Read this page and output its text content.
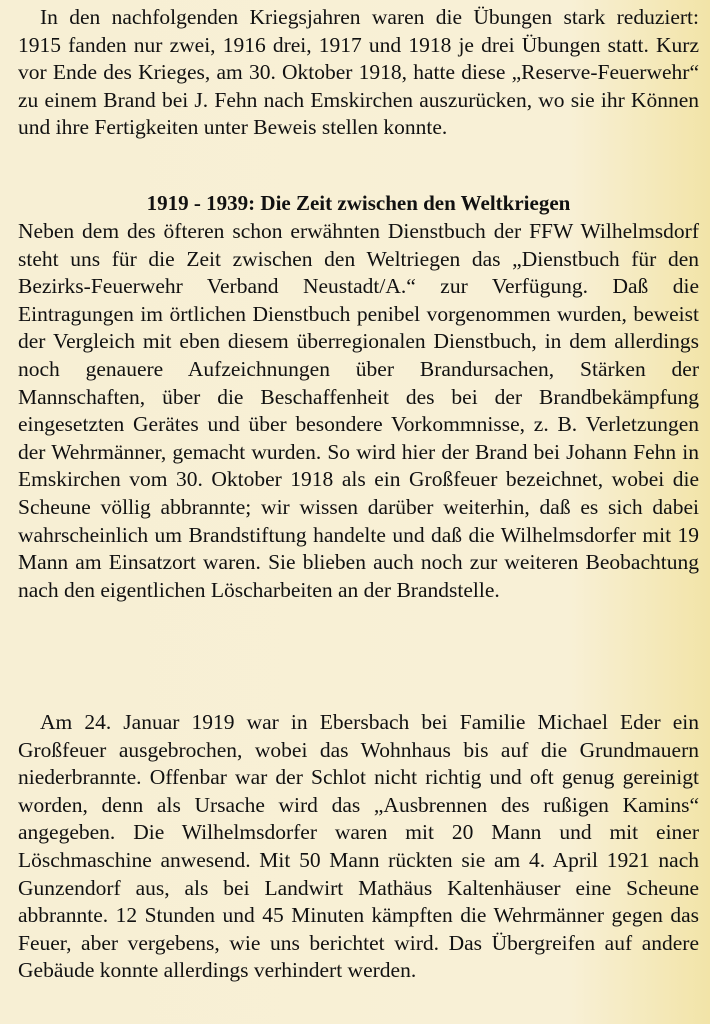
In den nachfolgenden Kriegsjahren waren die Übungen stark reduziert: 1915 fanden nur zwei, 1916 drei, 1917 und 1918 je drei Übungen statt. Kurz vor Ende des Krieges, am 30. Oktober 1918, hatte diese „Reserve-Feuerwehr“ zu einem Brand bei J. Fehn nach Emskirchen auszurücken, wo sie ihr Können und ihre Fertigkeiten unter Beweis stellen konnte.

1919 - 1939: Die Zeit zwischen den Weltkriegen

Neben dem des öfteren schon erwähnten Dienstbuch der FFW Wilhelmsdorf steht uns für die Zeit zwischen den Weltriegen das „Dienstbuch für den Bezirks-Feuerwehr Verband Neustadt/A.“ zur Verfügung. Daß die Eintragungen im örtlichen Dienstbuch penibel vorgenommen wurden, beweist der Vergleich mit eben diesem überregionalen Dienstbuch, in dem allerdings noch genauere Aufzeichnungen über Brandursachen, Stärken der Mannschaften, über die Beschaffenheit des bei der Brandbekämpfung eingesetzten Gerätes und über besondere Vorkommnisse, z. B. Verletzungen der Wehrmänner, gemacht wurden. So wird hier der Brand bei Johann Fehn in Emskirchen vom 30. Oktober 1918 als ein Großfeuer bezeichnet, wobei die Scheune völlig abbrannte; wir wissen darüber weiterhin, daß es sich dabei wahrscheinlich um Brandstiftung handelte und daß die Wilhelmsdorfer mit 19 Mann am Einsatzort waren. Sie blieben auch noch zur weiteren Beobachtung nach den eigentlichen Löscharbeiten an der Brandstelle.

Am 24. Januar 1919 war in Ebersbach bei Familie Michael Eder ein Großfeuer ausgebrochen, wobei das Wohnhaus bis auf die Grundmauern niederbrannte. Offenbar war der Schlot nicht richtig und oft genug gereinigt worden, denn als Ursache wird das „Ausbrennen des rußigen Kamins“ angegeben. Die Wilhelmsdorfer waren mit 20 Mann und mit einer Löschmaschine anwesend. Mit 50 Mann rückten sie am 4. April 1921 nach Gunzendorf aus, als bei Landwirt Mathäus Kaltenhäuser eine Scheune abbrannte. 12 Stunden und 45 Minuten kämpften die Wehrmänner gegen das Feuer, aber vergebens, wie uns berichtet wird. Das Übergreifen auf andere Gebäude konnte allerdings verhindert werden.
